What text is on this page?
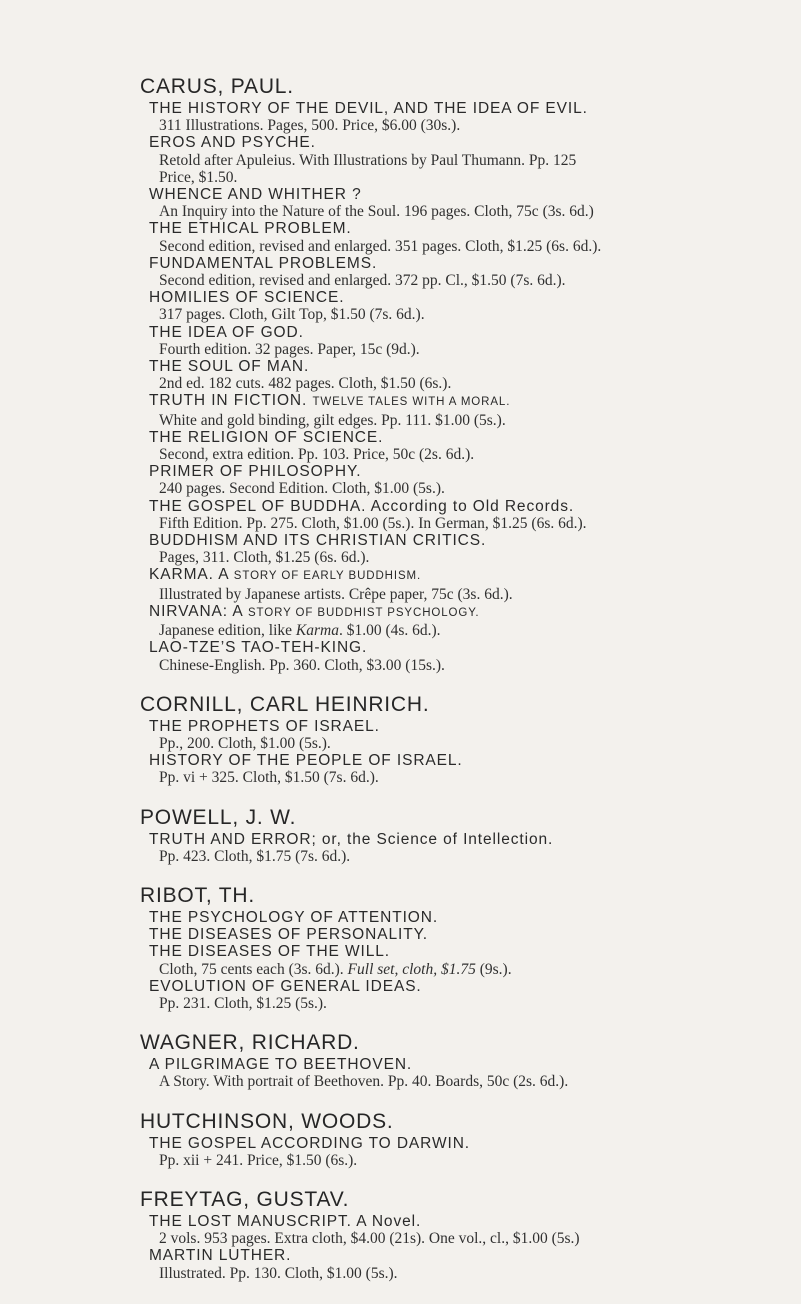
CARUS, PAUL.
THE HISTORY OF THE DEVIL, AND THE IDEA OF EVIL.
311 Illustrations. Pages, 500. Price, $6.00 (30s.).
EROS AND PSYCHE.
Retold after Apuleius. With Illustrations by Paul Thumann. Pp. 125
Price, $1.50.
WHENCE AND WHITHER ?
An Inquiry into the Nature of the Soul. 196 pages. Cloth, 75c (3s. 6d.)
THE ETHICAL PROBLEM.
Second edition, revised and enlarged. 351 pages. Cloth, $1.25 (6s. 6d.).
FUNDAMENTAL PROBLEMS.
Second edition, revised and enlarged. 372 pp. Cl., $1.50 (7s. 6d.).
HOMILIES OF SCIENCE.
317 pages. Cloth, Gilt Top, $1.50 (7s. 6d.).
THE IDEA OF GOD.
Fourth edition. 32 pages. Paper, 15c (9d.).
THE SOUL OF MAN.
2nd ed. 182 cuts. 482 pages. Cloth, $1.50 (6s.).
TRUTH IN FICTION. TWELVE TALES WITH A MORAL.
White and gold binding, gilt edges. Pp. 111. $1.00 (5s.).
THE RELIGION OF SCIENCE.
Second, extra edition. Pp. 103. Price, 50c (2s. 6d.).
PRIMER OF PHILOSOPHY.
240 pages. Second Edition. Cloth, $1.00 (5s.).
THE GOSPEL OF BUDDHA. According to Old Records.
Fifth Edition. Pp. 275. Cloth, $1.00 (5s.). In German, $1.25 (6s. 6d.).
BUDDHISM AND ITS CHRISTIAN CRITICS.
Pages, 311. Cloth, $1.25 (6s. 6d.).
KARMA. A STORY OF EARLY BUDDHISM.
Illustrated by Japanese artists. Crêpe paper, 75c (3s. 6d.).
NIRVANA: A STORY OF BUDDHIST PSYCHOLOGY.
Japanese edition, like Karma. $1.00 (4s. 6d.).
LAO-TZE’S TAO-TEH-KING.
Chinese-English. Pp. 360. Cloth, $3.00 (15s.).
CORNILL, CARL HEINRICH.
THE PROPHETS OF ISRAEL.
Pp., 200. Cloth, $1.00 (5s.).
HISTORY OF THE PEOPLE OF ISRAEL.
Pp. vi + 325. Cloth, $1.50 (7s. 6d.).
POWELL, J. W.
TRUTH AND ERROR; or, the Science of Intellection.
Pp. 423. Cloth, $1.75 (7s. 6d.).
RIBOT, TH.
THE PSYCHOLOGY OF ATTENTION.
THE DISEASES OF PERSONALITY.
THE DISEASES OF THE WILL.
Cloth, 75 cents each (3s. 6d.). Full set, cloth, $1.75 (9s.).
EVOLUTION OF GENERAL IDEAS.
Pp. 231. Cloth, $1.25 (5s.).
WAGNER, RICHARD.
A PILGRIMAGE TO BEETHOVEN.
A Story. With portrait of Beethoven. Pp. 40. Boards, 50c (2s. 6d.).
HUTCHINSON, WOODS.
THE GOSPEL ACCORDING TO DARWIN.
Pp. xii + 241. Price, $1.50 (6s.).
FREYTAG, GUSTAV.
THE LOST MANUSCRIPT. A Novel.
2 vols. 953 pages. Extra cloth, $4.00 (21s). One vol., cl., $1.00 (5s.)
MARTIN LUTHER.
Illustrated. Pp. 130. Cloth, $1.00 (5s.).
